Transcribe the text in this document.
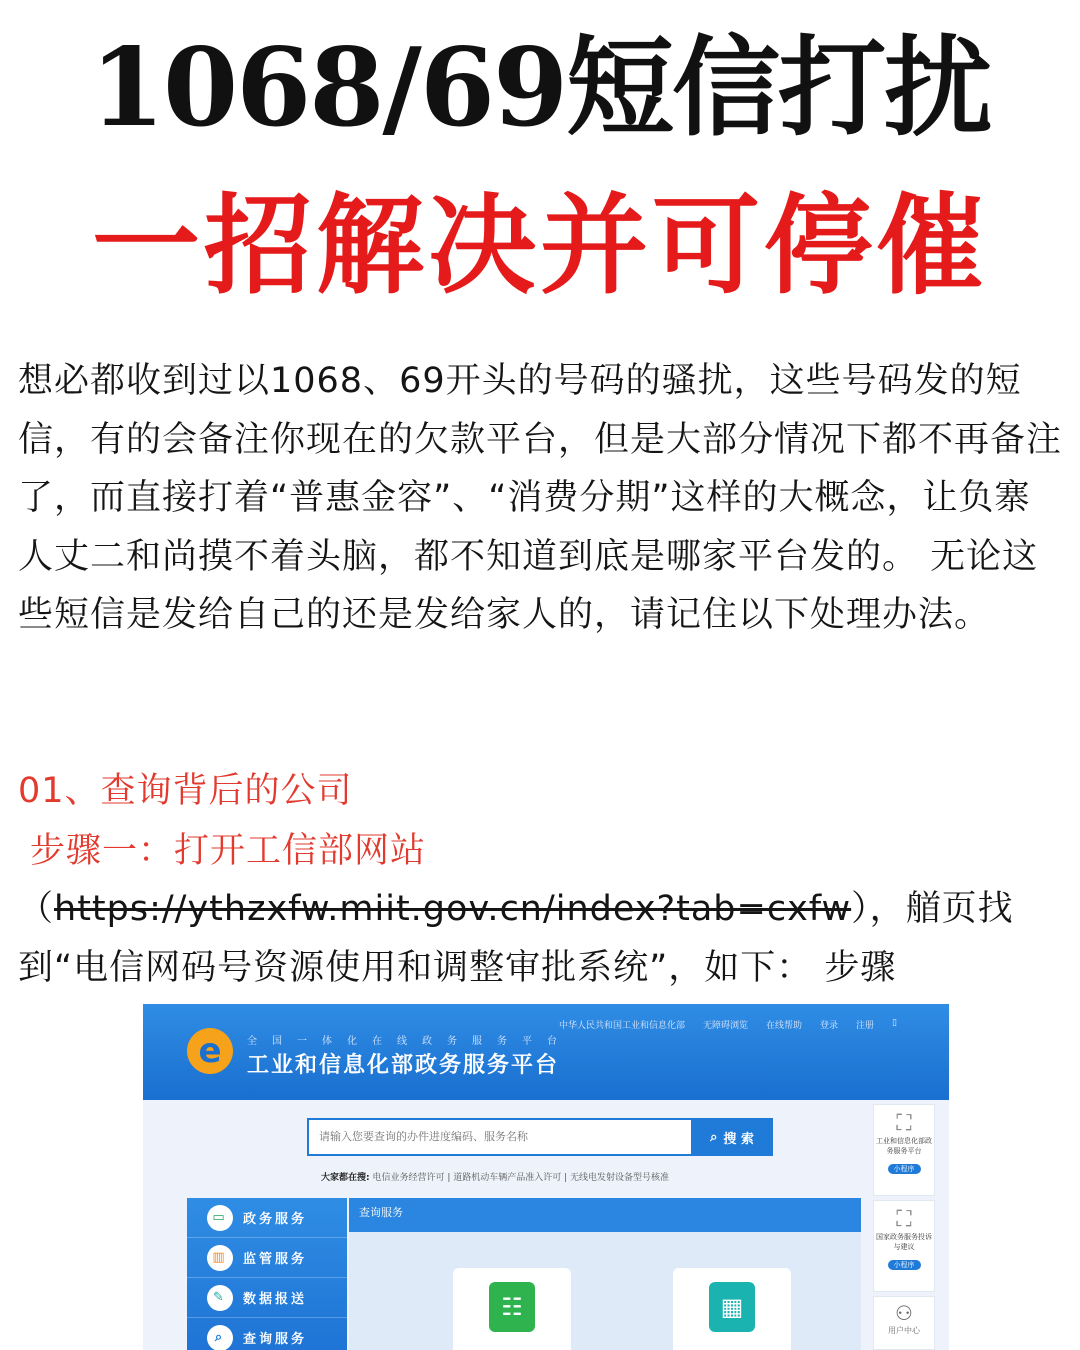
1068/69短信打扰
一招解决并可停催
想必都收到过以1068、69开头的号码的骚扰，这些号码发的短信，有的会备注你现在的欠款平台，但是大部分情况下都不再备注了，而直接打着“普惠金容”、“消费分期”这样的大概念，让负寨人丈二和尚摸不着头脑，都不知道到底是哪家平台发的。 无论这些短信是发给自己的还是发给家人的，请记住以下处理办法。
01、查询背后的公司
步骤一：打开工信部网站
（https://ythzxfw.miit.gov.cn/index?tab=cxfw），艏页找到“电信网码号资源使用和调整审批系统”，如下： 步骤
中华人民共和国工业和信息化部 无障碍浏览 在线帮助 登录 注册 ▯
e	全国一体化在线政务服务平台
工业和信息化部政务服务平台
请输入您要查询的办件进度编码、服务名称
⌕ 搜 索
大家都在搜: 电信业务经营许可 | 道路机动车辆产品准入许可 | 无线电发射设备型号核准
▭	政务服务
▥	监管服务
✎	数据报送
⌕	查询服务
查询服务
☷	▦
⛶
工业和信息化部政务服务平台
小程序
⛶
国家政务服务投诉与建议
小程序
⚇
用户中心
